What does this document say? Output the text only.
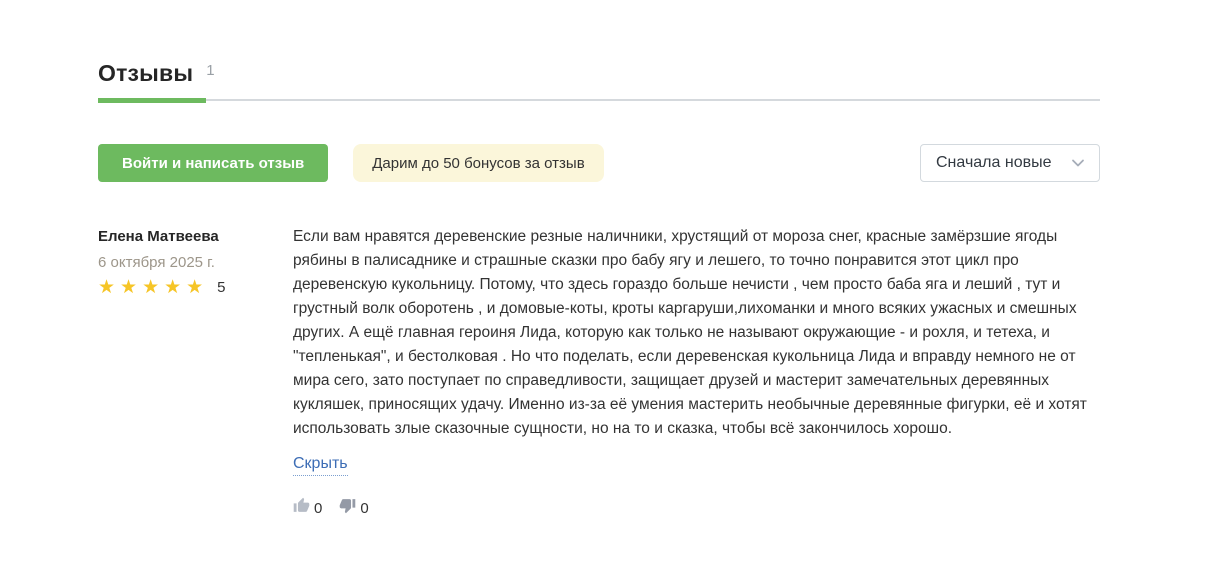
Отзывы 1
Войти и написать отзыв	Дарим до 50 бонусов за отзыв	Сначала новые
Елена Матвеева
6 октября 2025 г.
★★★★★ 5
Если вам нравятся деревенские резные наличники, хрустящий от мороза снег, красные замёрзшие ягоды рябины в палисаднике и страшные сказки про бабу ягу и лешего, то точно понравится этот цикл про деревенскую кукольницу. Потому, что здесь гораздо больше нечисти , чем просто баба яга и леший , тут и грустный волк оборотень , и домовые-коты, кроты каргаруши,лихоманки и много всяких ужасных и смешных других. А ещё главная героиня Лида, которую как только не называют окружающие - и рохля, и тетеха, и "тепленькая", и бестолковая . Но что поделать, если деревенская кукольница Лида и вправду немного не от мира сего, зато поступает по справедливости, защищает друзей и мастерит замечательных деревянных кукляшек, приносящих удачу. Именно из-за её умения мастерить необычные деревянные фигурки, её и хотят использовать злые сказочные сущности, но на то и сказка, чтобы всё закончилось хорошо.
Скрыть
0	0
